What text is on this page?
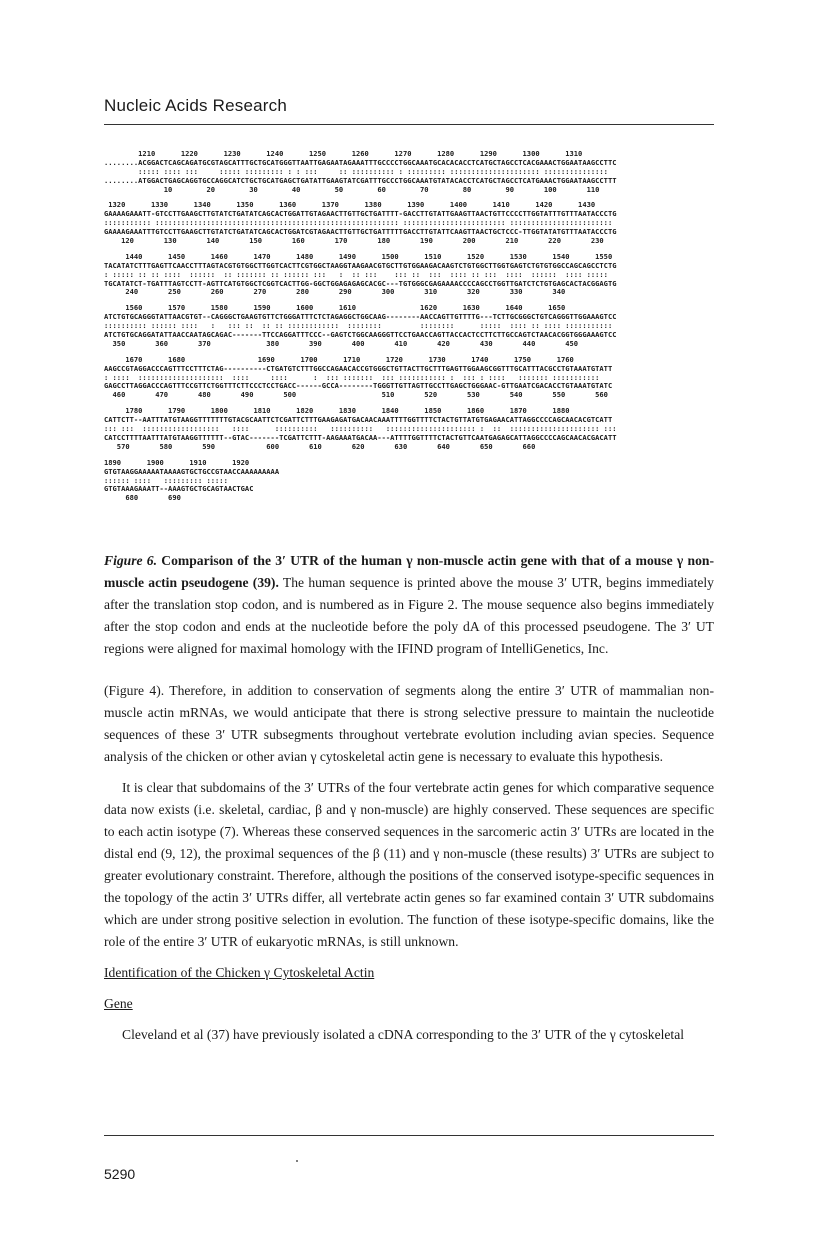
Nucleic Acids Research
1210      1220      1230      1240      1250      1260      1270      1280      1290      1300      1310
........ACGGACTCAGCAGATGCGTAGCATTTGCTGCATGGGTTAATTGAGAATAGAAATTTGCCCCTGGCAAATGCACACACCTCATGCTAGCCTCACGAAACTGGAATAAGCCTTC
::::: :::: :::     ::::: ::::::::: : : :::     :: :::::::::: : ::::::::: ::::::::::::::::::::: :::::::::::::::
........ATGGACTGAGCAGGTGCCAGGCATCTGCTGCATGAGCTGATATTGAAGTATCGATTTGCCCTGGCAAATGTATACACCTCATGCTAGCCTCATGAAACTGGAATAAGCCTTT
10        20        30        40        50        60        70        80        90       100       110
1320      1330      1340      1350      1360      1370      1380      1390      1400      1410      1420      1430
GAAAAGAAATT-GTCCTTGAAGCTTGTATCTGATATCAGCACTGGATTGTAGAACTTGTTGCTGATTTT-GACCTTGTATTGAAGTTAACTGTTCCCCTTGGTATTTGTTTAATACCCTG
::::::::::: ::::::::::::::::::::::::::::::::::::::::::::::::::::::::: :::::::::::::::::::::::: ::::::::::::::::::::::::
GAAAAGAAATTTGTCCTTGAAGCTTGTATCTGATATCAGCACTGGATCGTAGAACTTGTTGCTGATTTTTGACCTTGTATTCAAGTTAACTGCTCCC-TTGGTATATGTTTAATACCCTG
120       130       140       150       160       170       180       190       200       210       220       230
1440      1450      1460      1470      1480      1490      1500      1510      1520      1530      1540      1550
TACATATCTTTGAGTTCAACCTTTAGTACGTGTGGCTTGGTCACTTCGTGGCTAAGGTAAGAACGTGCTTGTGGAAGACAAGTCTGTGGCTTGGTGAGTCTGTGTGGCCAGCAGCCTCTG
: ::::: :: :: ::::  ::::::  :: ::::::: :: :::::: :::   :  :: :::    ::: ::  :::  :::: :: :::  ::::  ::::::  :::: :::::
TGCATATCT-TGATTTAGTCCTT-AGTTCATGTGGCTCGGTCACTTGG-GGCTGGAGAGAGCACGC---TGTGGGCGAGAAAACCCCAGCCTGGTTGATCTCTGTGAGCACTACGGAGTG
240       250       260       270       280       290       300       310       320       330       340
1560      1570      1580      1590      1600      1610               1620      1630      1640      1650
ATCTGTGCAGGGTATTAACGTGT--CAGGGCTGAAGTGTTCTGGGATTTCTCTAGAGGCTGGCAAG--------AACCAGTTGTTTTG---TCTTGCGGGCTGTCAGGGTTGGAAAGTCC
:::::::::: :::::: ::::   :   ::: ::  :: :: ::::::::::::  ::::::::         ::::::::      :::::  :::: :: :::: :::::::::::
ATCTGTGCAGGATATTAACCAATAGCAGAC-------TTCCAGGATTTCCC--GAGTCTGGCAAGGGTTCCTGAACCAGTTACCACTCCTTCTTGCCAGTCTAACACGGTGGGAAAGTCC
350       360       370             380       390       400       410       420       430       440       450
1670      1680                 1690      1700      1710      1720      1730      1740      1750      1760
AAGCCGTAGGACCCAGTTTCCTTTCTAG----------CTGATGTCTTTGGCCAGAACACCGTGGGCTGTTACTTGCTTTGAGTTGGAAGCGGTTTGCATTTACGCCTGTAAATGTATT
: ::::  ::::::::::::::::::::  ::::     ::::      :  ::: :::::::  ::: ::::::::::: :  ::: : ::::   ::::::: :::::::::::
GAGCCTTAGGACCCAGTTTCCGTTCTGGTTTCTTCCCTCCTGACC------GCCA--------TGGGTTGTTAGTTGCCTTGAGCTGGGAAC-GTTGAATCGACACCTGTAAATGTATC
460       470       480       490       500                    510       520       530       540       550       560
1780      1790      1800      1810      1820      1830      1840      1850      1860      1870      1880
CATTCTT--AATTTATGTAAGGTTTTTTTGTACGCAATTCTCGATTCTTTGAAGAGATGACAACAAATTTTGGTTTTCTACTGTTATGTGAGAACATTAGGCCCCAGCAACACGTCATT
::: :::  ::::::::::::::::::   ::::      ::::::::::   ::::::::::   ::::::::::::::::::::: :  ::  ::::::::::::::::::::: :::
CATCCTTTTAATTTATGTAAGGTTTTTT--GTAC-------TCGATTCTTT-AAGAAATGACAA---ATTTTGGTTTTCTACTGTTCAATGAGAGCATTAGGCCCCAGCAACACGACATT
570       580       590            600       610       620       630       640       650       660
1890      1900      1910      1920
GTGTAAGGAAAAATAAAAGTGCTGCCGTAACCAAAAAAAAA
:::::: ::::   ::::::::: :::::
GTGTAAAGAAATT--AAAGTGCTGCAGTAACTGAC
680       690
Figure 6. Comparison of the 3′ UTR of the human γ non-muscle actin gene with that of a mouse γ non-muscle actin pseudogene (39). The human sequence is printed above the mouse 3′ UTR, begins immediately after the translation stop codon, and is numbered as in Figure 2. The mouse sequence also begins immediately after the stop codon and ends at the nucleotide before the poly dA of this processed pseudogene. The 3′ UT regions were aligned for maximal homology with the IFIND program of IntelliGenetics, Inc.

(Figure 4). Therefore, in addition to conservation of segments along the entire 3′ UTR of mammalian non-muscle actin mRNAs, we would anticipate that there is strong selective pressure to maintain the nucleotide sequences of these 3′ UTR subsegments throughout vertebrate evolution including avian species. Sequence analysis of the chicken or other avian γ cytoskeletal actin gene is necessary to evaluate this hypothesis.

It is clear that subdomains of the 3′ UTRs of the four vertebrate actin genes for which comparative sequence data now exists (i.e. skeletal, cardiac, β and γ non-muscle) are highly conserved. These sequences are specific to each actin isotype (7). Whereas these conserved sequences in the sarcomeric actin 3′ UTRs are located in the distal end (9, 12), the proximal sequences of the β (11) and γ non-muscle (these results) 3′ UTRs are subject to greater evolutionary constraint. Therefore, although the positions of the conserved isotype-specific sequences in the topology of the actin 3′ UTRs differ, all vertebrate actin genes so far examined contain 3′ UTR subdomains which are under strong positive selection in evolution. The function of these isotype-specific domains, like the role of the entire 3′ UTR of eukaryotic mRNAs, is still unknown.

Identification of the Chicken γ Cytoskeletal Actin

Gene

Cleveland et al (37) have previously isolated a cDNA corresponding to the 3′ UTR of the γ cytoskeletal

5290
